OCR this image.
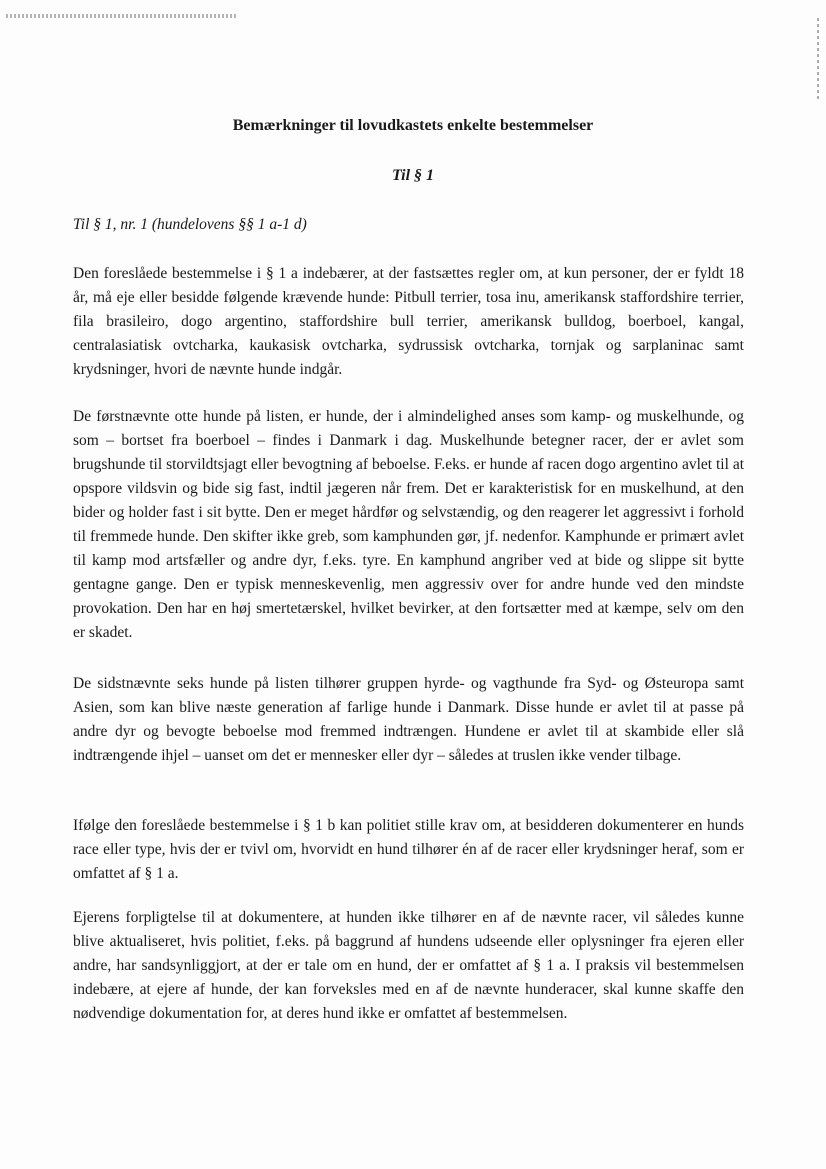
Bemærkninger til lovudkastets enkelte bestemmelser
Til § 1

Til § 1, nr. 1 (hundelovens §§ 1 a-1 d)

Den foreslåede bestemmelse i § 1 a indebærer, at der fastsættes regler om, at kun personer, der er fyldt 18 år, må eje eller besidde følgende krævende hunde: Pitbull terrier, tosa inu, amerikansk staffordshire terrier, fila brasileiro, dogo argentino, staffordshire bull terrier, amerikansk bulldog, boerboel, kangal, centralasiatisk ovtcharka, kaukasisk ovtcharka, sydrussisk ovtcharka, tornjak og sarplaninac samt krydsninger, hvori de nævnte hunde indgår.

De førstnævnte otte hunde på listen, er hunde, der i almindelighed anses som kamp- og muskelhunde, og som – bortset fra boerboel – findes i Danmark i dag. Muskelhunde betegner racer, der er avlet som brugshunde til storvildtsjagt eller bevogtning af beboelse. F.eks. er hunde af racen dogo argentino avlet til at opspore vildsvin og bide sig fast, indtil jægeren når frem. Det er karakteristisk for en muskelhund, at den bider og holder fast i sit bytte. Den er meget hårdfør og selvstændig, og den reagerer let aggressivt i forhold til fremmede hunde. Den skifter ikke greb, som kamphunden gør, jf. nedenfor. Kamphunde er primært avlet til kamp mod artsfæller og andre dyr, f.eks. tyre. En kamphund angriber ved at bide og slippe sit bytte gentagne gange. Den er typisk menneskevenlig, men aggressiv over for andre hunde ved den mindste provokation. Den har en høj smertetærskel, hvilket bevirker, at den fortsætter med at kæmpe, selv om den er skadet.

De sidstnævnte seks hunde på listen tilhører gruppen hyrde- og vagthunde fra Syd- og Østeuropa samt Asien, som kan blive næste generation af farlige hunde i Danmark. Disse hunde er avlet til at passe på andre dyr og bevogte beboelse mod fremmed indtrængen. Hundene er avlet til at skambide eller slå indtrængende ihjel – uanset om det er mennesker eller dyr – således at truslen ikke vender tilbage.

Ifølge den foreslåede bestemmelse i § 1 b kan politiet stille krav om, at besidderen dokumenterer en hunds race eller type, hvis der er tvivl om, hvorvidt en hund tilhører én af de racer eller krydsninger heraf, som er omfattet af § 1 a.

Ejerens forpligtelse til at dokumentere, at hunden ikke tilhører en af de nævnte racer, vil således kunne blive aktualiseret, hvis politiet, f.eks. på baggrund af hundens udseende eller oplysninger fra ejeren eller andre, har sandsynliggjort, at der er tale om en hund, der er omfattet af § 1 a. I praksis vil bestemmelsen indebære, at ejere af hunde, der kan forveksles med en af de nævnte hunderacer, skal kunne skaffe den nødvendige dokumentation for, at deres hund ikke er omfattet af bestemmelsen.
